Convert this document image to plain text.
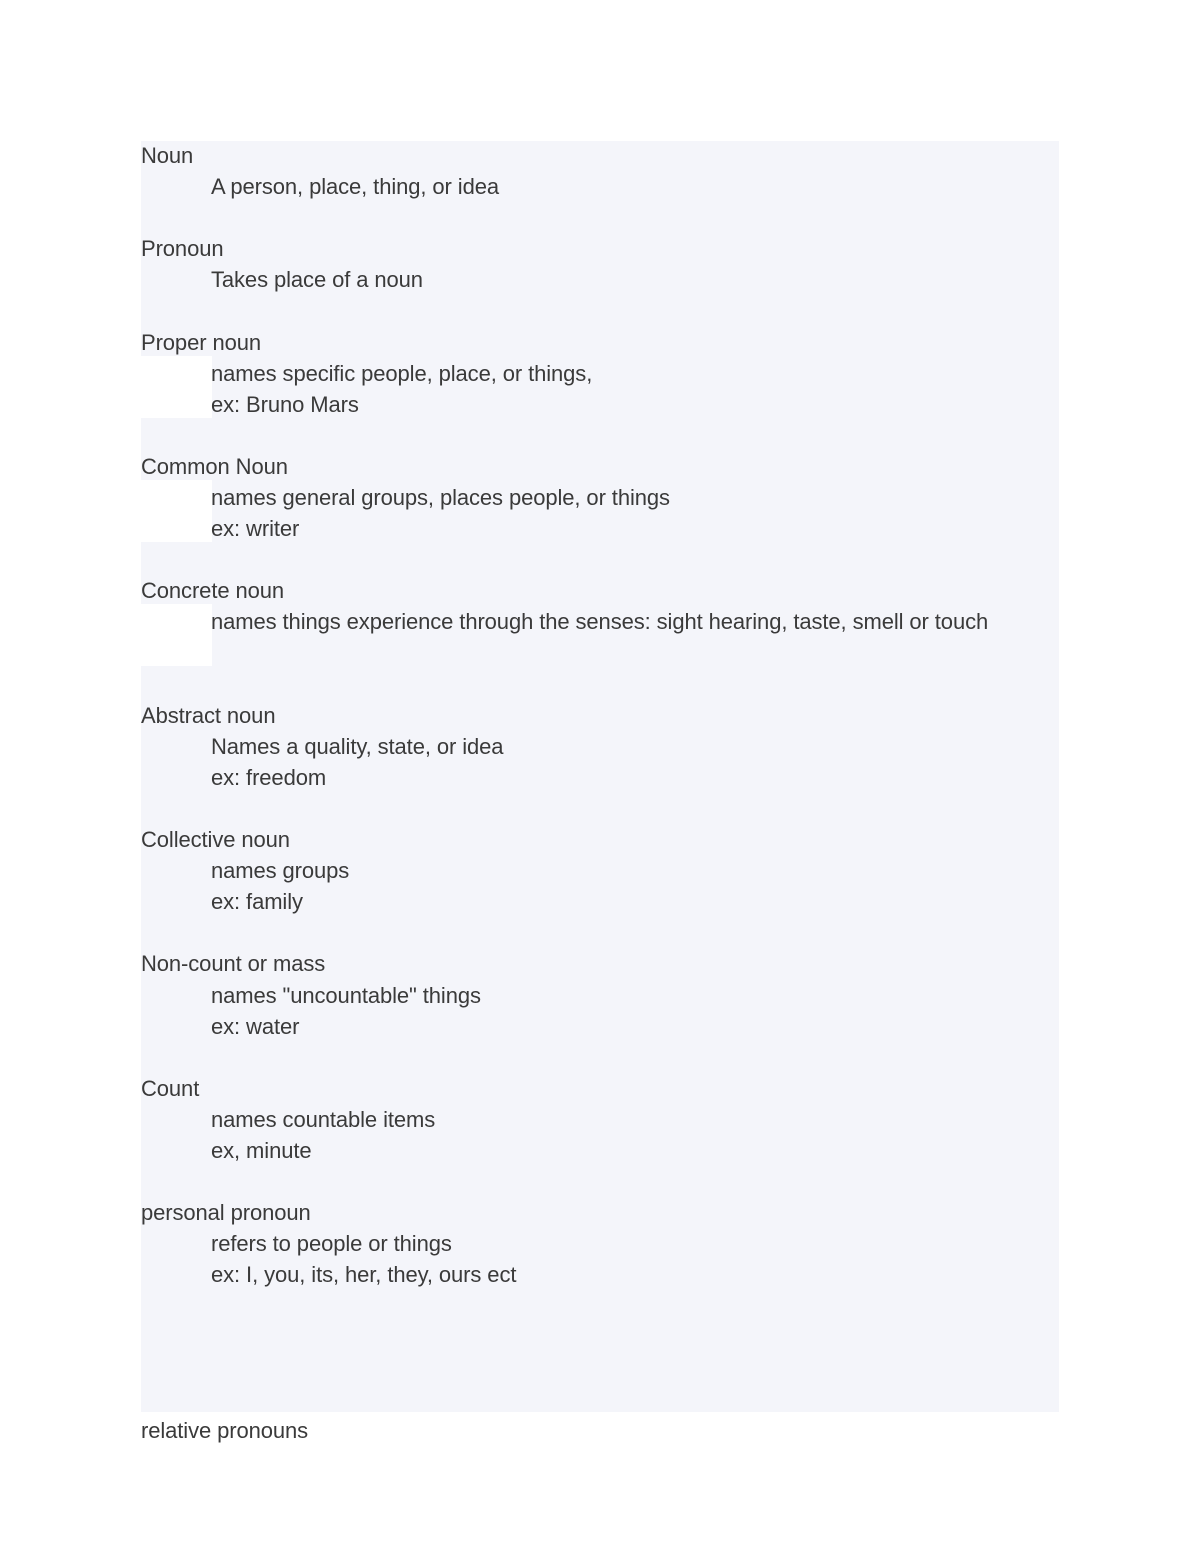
Noun
A person, place, thing, or idea
Pronoun
Takes place of a noun
Proper noun
names specific people, place, or things,
ex: Bruno Mars
Common Noun
names general groups, places people, or things
ex: writer
Concrete noun
names things experience through the senses: sight hearing, taste, smell or touch
Abstract noun
Names a quality, state, or idea
ex: freedom
Collective noun
names groups
ex: family
Non-count or mass
names "uncountable" things
ex: water
Count
names countable items
ex, minute
personal pronoun
refers to people or things
ex: I, you, its, her, they, ours ect
relative pronouns
